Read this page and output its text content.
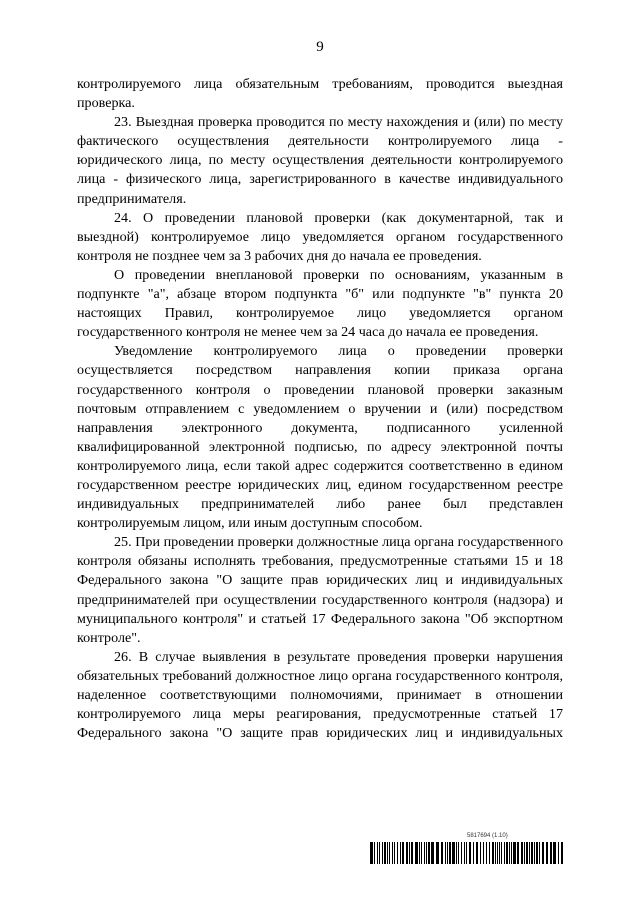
9

контролируемого лица обязательным требованиям, проводится выездная проверка.

23. Выездная проверка проводится по месту нахождения и (или) по месту фактического осуществления деятельности контролируемого лица - юридического лица, по месту осуществления деятельности контролируемого лица - физического лица, зарегистрированного в качестве индивидуального предпринимателя.

24. О проведении плановой проверки (как документарной, так и выездной) контролируемое лицо уведомляется органом государственного контроля не позднее чем за 3 рабочих дня до начала ее проведения.

О проведении внеплановой проверки по основаниям, указанным в подпункте "а", абзаце втором подпункта "б" или подпункте "в" пункта 20 настоящих Правил, контролируемое лицо уведомляется органом государственного контроля не менее чем за 24 часа до начала ее проведения.

Уведомление контролируемого лица о проведении проверки осуществляется посредством направления копии приказа органа государственного контроля о проведении плановой проверки заказным почтовым отправлением с уведомлением о вручении и (или) посредством направления электронного документа, подписанного усиленной квалифицированной электронной подписью, по адресу электронной почты контролируемого лица, если такой адрес содержится соответственно в едином государственном реестре юридических лиц, едином государственном реестре индивидуальных предпринимателей либо ранее был представлен контролируемым лицом, или иным доступным способом.

25. При проведении проверки должностные лица органа государственного контроля обязаны исполнять требования, предусмотренные статьями 15 и 18 Федерального закона "О защите прав юридических лиц и индивидуальных предпринимателей при осуществлении государственного контроля (надзора) и муниципального контроля" и статьей 17 Федерального закона "Об экспортном контроле".

26. В случае выявления в результате проведения проверки нарушения обязательных требований должностное лицо органа государственного контроля, наделенное соответствующими полномочиями, принимает в отношении контролируемого лица меры реагирования, предусмотренные статьей 17 Федерального закона "О защите прав юридических лиц и индивидуальных

5817694 (1.10)
